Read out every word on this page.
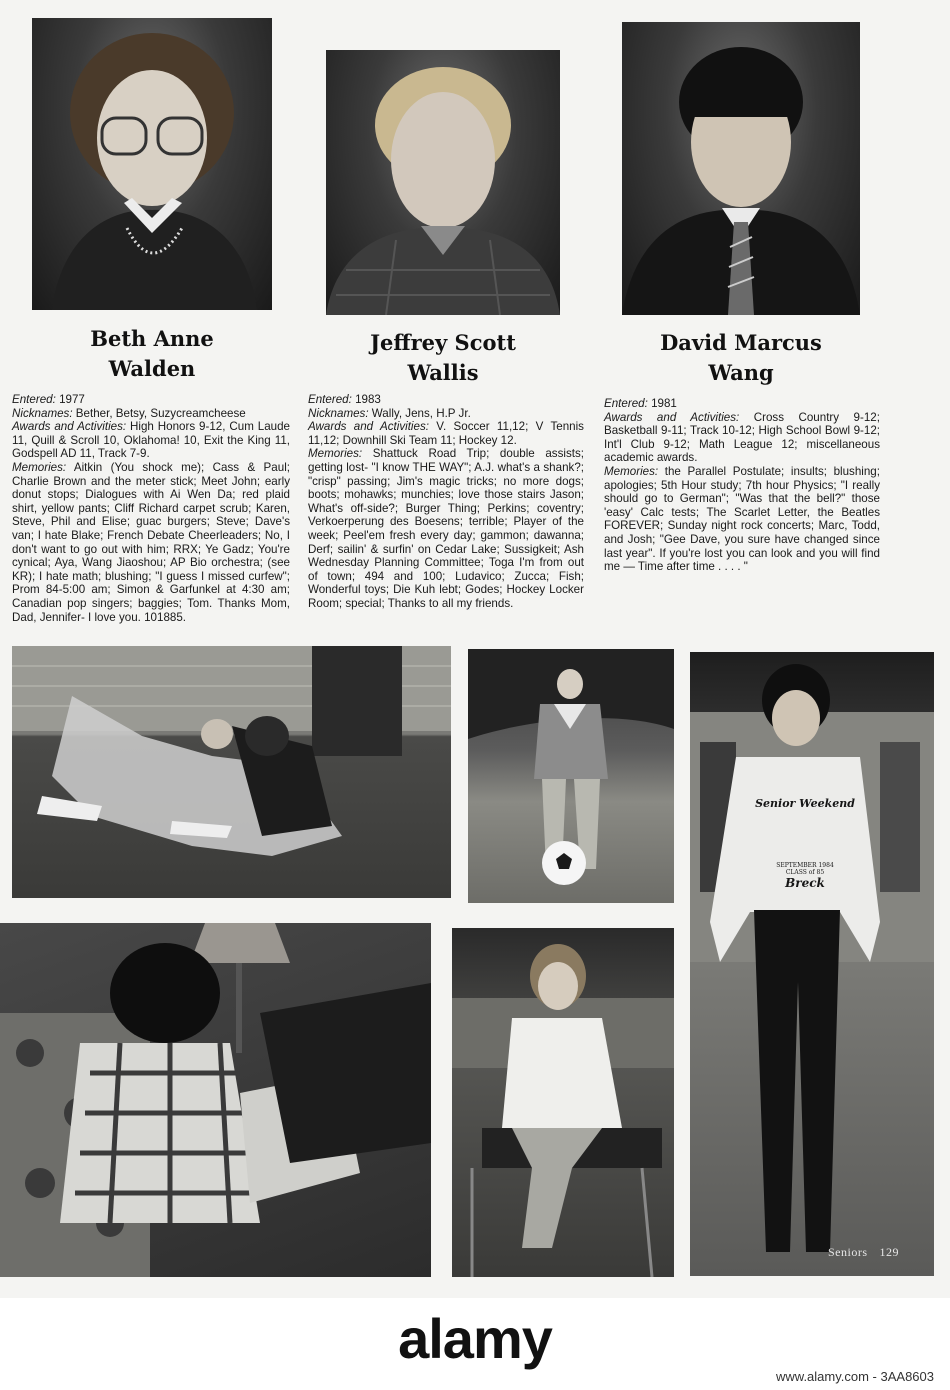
Beth Anne
Walden
Jeffrey Scott
Wallis
David Marcus
Wang

Entered: 1977

Nicknames: Bether, Betsy, Suzycreamcheese

Awards and Activities: High Honors 9-12, Cum Laude 11, Quill & Scroll 10, Oklahoma! 10, Exit the King 11, Godspell AD 11, Track 7-9.

Memories: Aitkin (You shock me); Cass & Paul; Charlie Brown and the meter stick; Meet John; early donut stops; Dialogues with Ai Wen Da; red plaid shirt, yellow pants; Cliff Richard carpet scrub; Karen, Steve, Phil and Elise; guac burgers; Steve; Dave's van; I hate Blake; French Debate Cheerleaders; No, I don't want to go out with him; RRX; Ye Gadz; You're cynical; Aya, Wang Jiaoshou; AP Bio orchestra; (see KR); I hate math; blushing; "I guess I missed curfew"; Prom 84-5:00 am; Simon & Garfunkel at 4:30 am; Canadian pop singers; baggies; Tom. Thanks Mom, Dad, Jennifer- I love you. 101885.

Entered: 1983

Nicknames: Wally, Jens, H.P Jr.

Awards and Activities: V. Soccer 11,12; V Tennis 11,12; Downhill Ski Team 11; Hockey 12.

Memories: Shattuck Road Trip; double assists; getting lost- "I know THE WAY"; A.J. what's a shank?; "crisp" passing; Jim's magic tricks; no more dogs; boots; mohawks; munchies; love those stairs Jason; What's off-side?; Burger Thing; Perkins; coventry; Verkoerperung des Boesens; terrible; Player of the week; Peel'em fresh every day; gammon; dawanna; Derf; sailin' & surfin' on Cedar Lake; Sussigkeit; Ash Wednesday Planning Committee; Toga I'm from out of town; 494 and 100; Ludavico; Zucca; Fish; Wonderful toys; Die Kuh lebt; Godes; Hockey Locker Room; special; Thanks to all my friends.

Entered: 1981

Awards and Activities: Cross Country 9-12; Basketball 9-11; Track 10-12; High School Bowl 9-12; Int'l Club 9-12; Math League 12; miscellaneous academic awards.

Memories: the Parallel Postulate; insults; blushing; apologies; 5th Hour study; 7th hour Physics; "I really should go to German"; "Was that the bell?" those 'easy' Calc tests; The Scarlet Letter, the Beatles FOREVER; Sunday night rock concerts; Marc, Todd, and Josh; "Gee Dave, you sure have changed since last year". If you're lost you can look and you will find me — Time after time . . . . "

Senior Weekend
SEPTEMBER 1984
CLASS of 85
Breck
Seniors 129
alamy
www.alamy.com - 3AA8603
